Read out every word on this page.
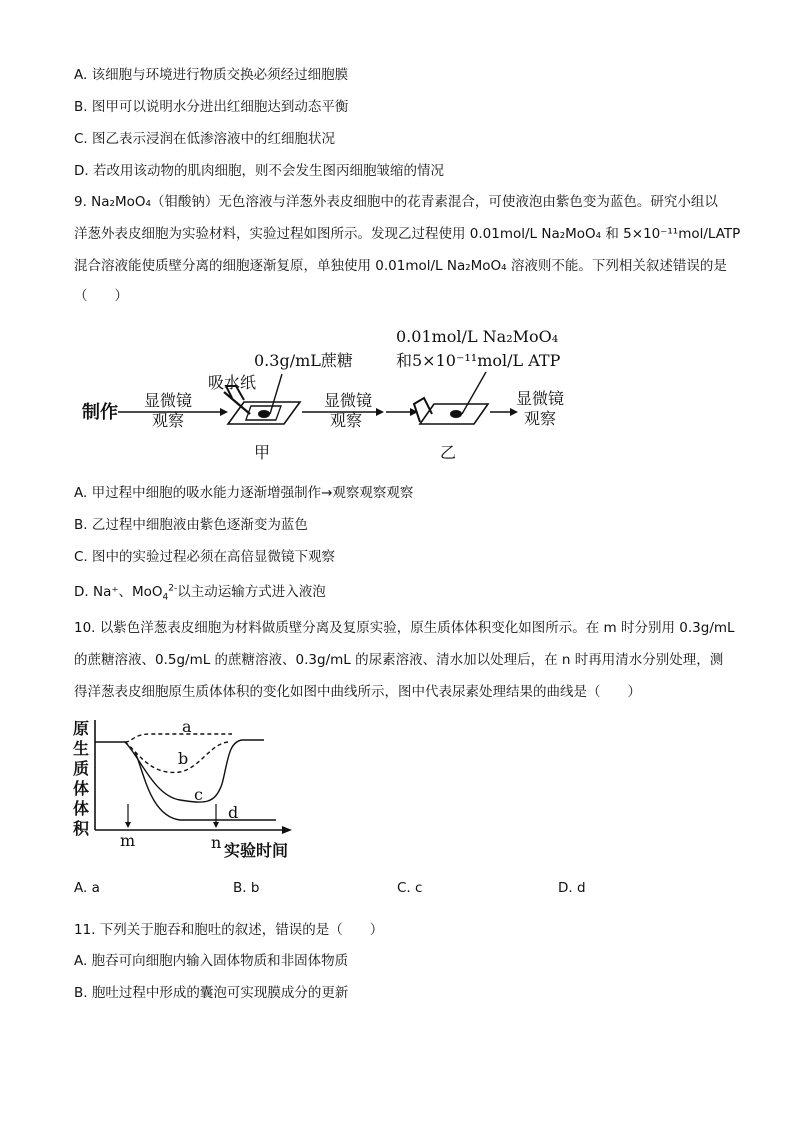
A. 该细胞与环境进行物质交换必须经过细胞膜
B. 图甲可以说明水分进出红细胞达到动态平衡
C. 图乙表示浸润在低渗溶液中的红细胞状况
D. 若改用该动物的肌肉细胞，则不会发生图丙细胞皱缩的情况
9. Na₂MoO₄（钼酸钠）无色溶液与洋葱外表皮细胞中的花青素混合，可使液泡由紫色变为蓝色。研究小组以
洋葱外表皮细胞为实验材料，实验过程如图所示。发现乙过程使用 0.01mol/L Na₂MoO₄ 和 5×10⁻¹¹mol/LATP
混合溶液能使质壁分离的细胞逐渐复原，单独使用 0.01mol/L Na₂MoO₄ 溶液则不能。下列相关叙述错误的是
（　　）
0.01mol/L Na₂MoO₄
和5×10⁻¹¹mol/L ATP
0.3g/mL蔗糖
吸水纸
制作
显微镜
观察
甲
显微镜
观察
乙
显微镜
观察
A. 甲过程中细胞的吸水能力逐渐增强制作→观察观察观察
B. 乙过程中细胞液由紫色逐渐变为蓝色
C. 图中的实验过程必须在高倍显微镜下观察
D. Na⁺、MoO$_4^{2-}$以主动运输方式进入液泡
10. 以紫色洋葱表皮细胞为材料做质壁分离及复原实验，原生质体体积变化如图所示。在 m 时分别用 0.3g/mL
的蔗糖溶液、0.5g/mL 的蔗糖溶液、0.3g/mL 的尿素溶液、清水加以处理后，在 n 时再用清水分别处理，测
得洋葱表皮细胞原生质体体积的变化如图中曲线所示，图中代表尿素处理结果的曲线是（　　）
原
生
质
体
体
积
a
b
c
d
m	n 实验时间
A. a	B. b	C. c	D. d
11. 下列关于胞吞和胞吐的叙述，错误的是（　　）
A. 胞吞可向细胞内输入固体物质和非固体物质
B. 胞吐过程中形成的囊泡可实现膜成分的更新
